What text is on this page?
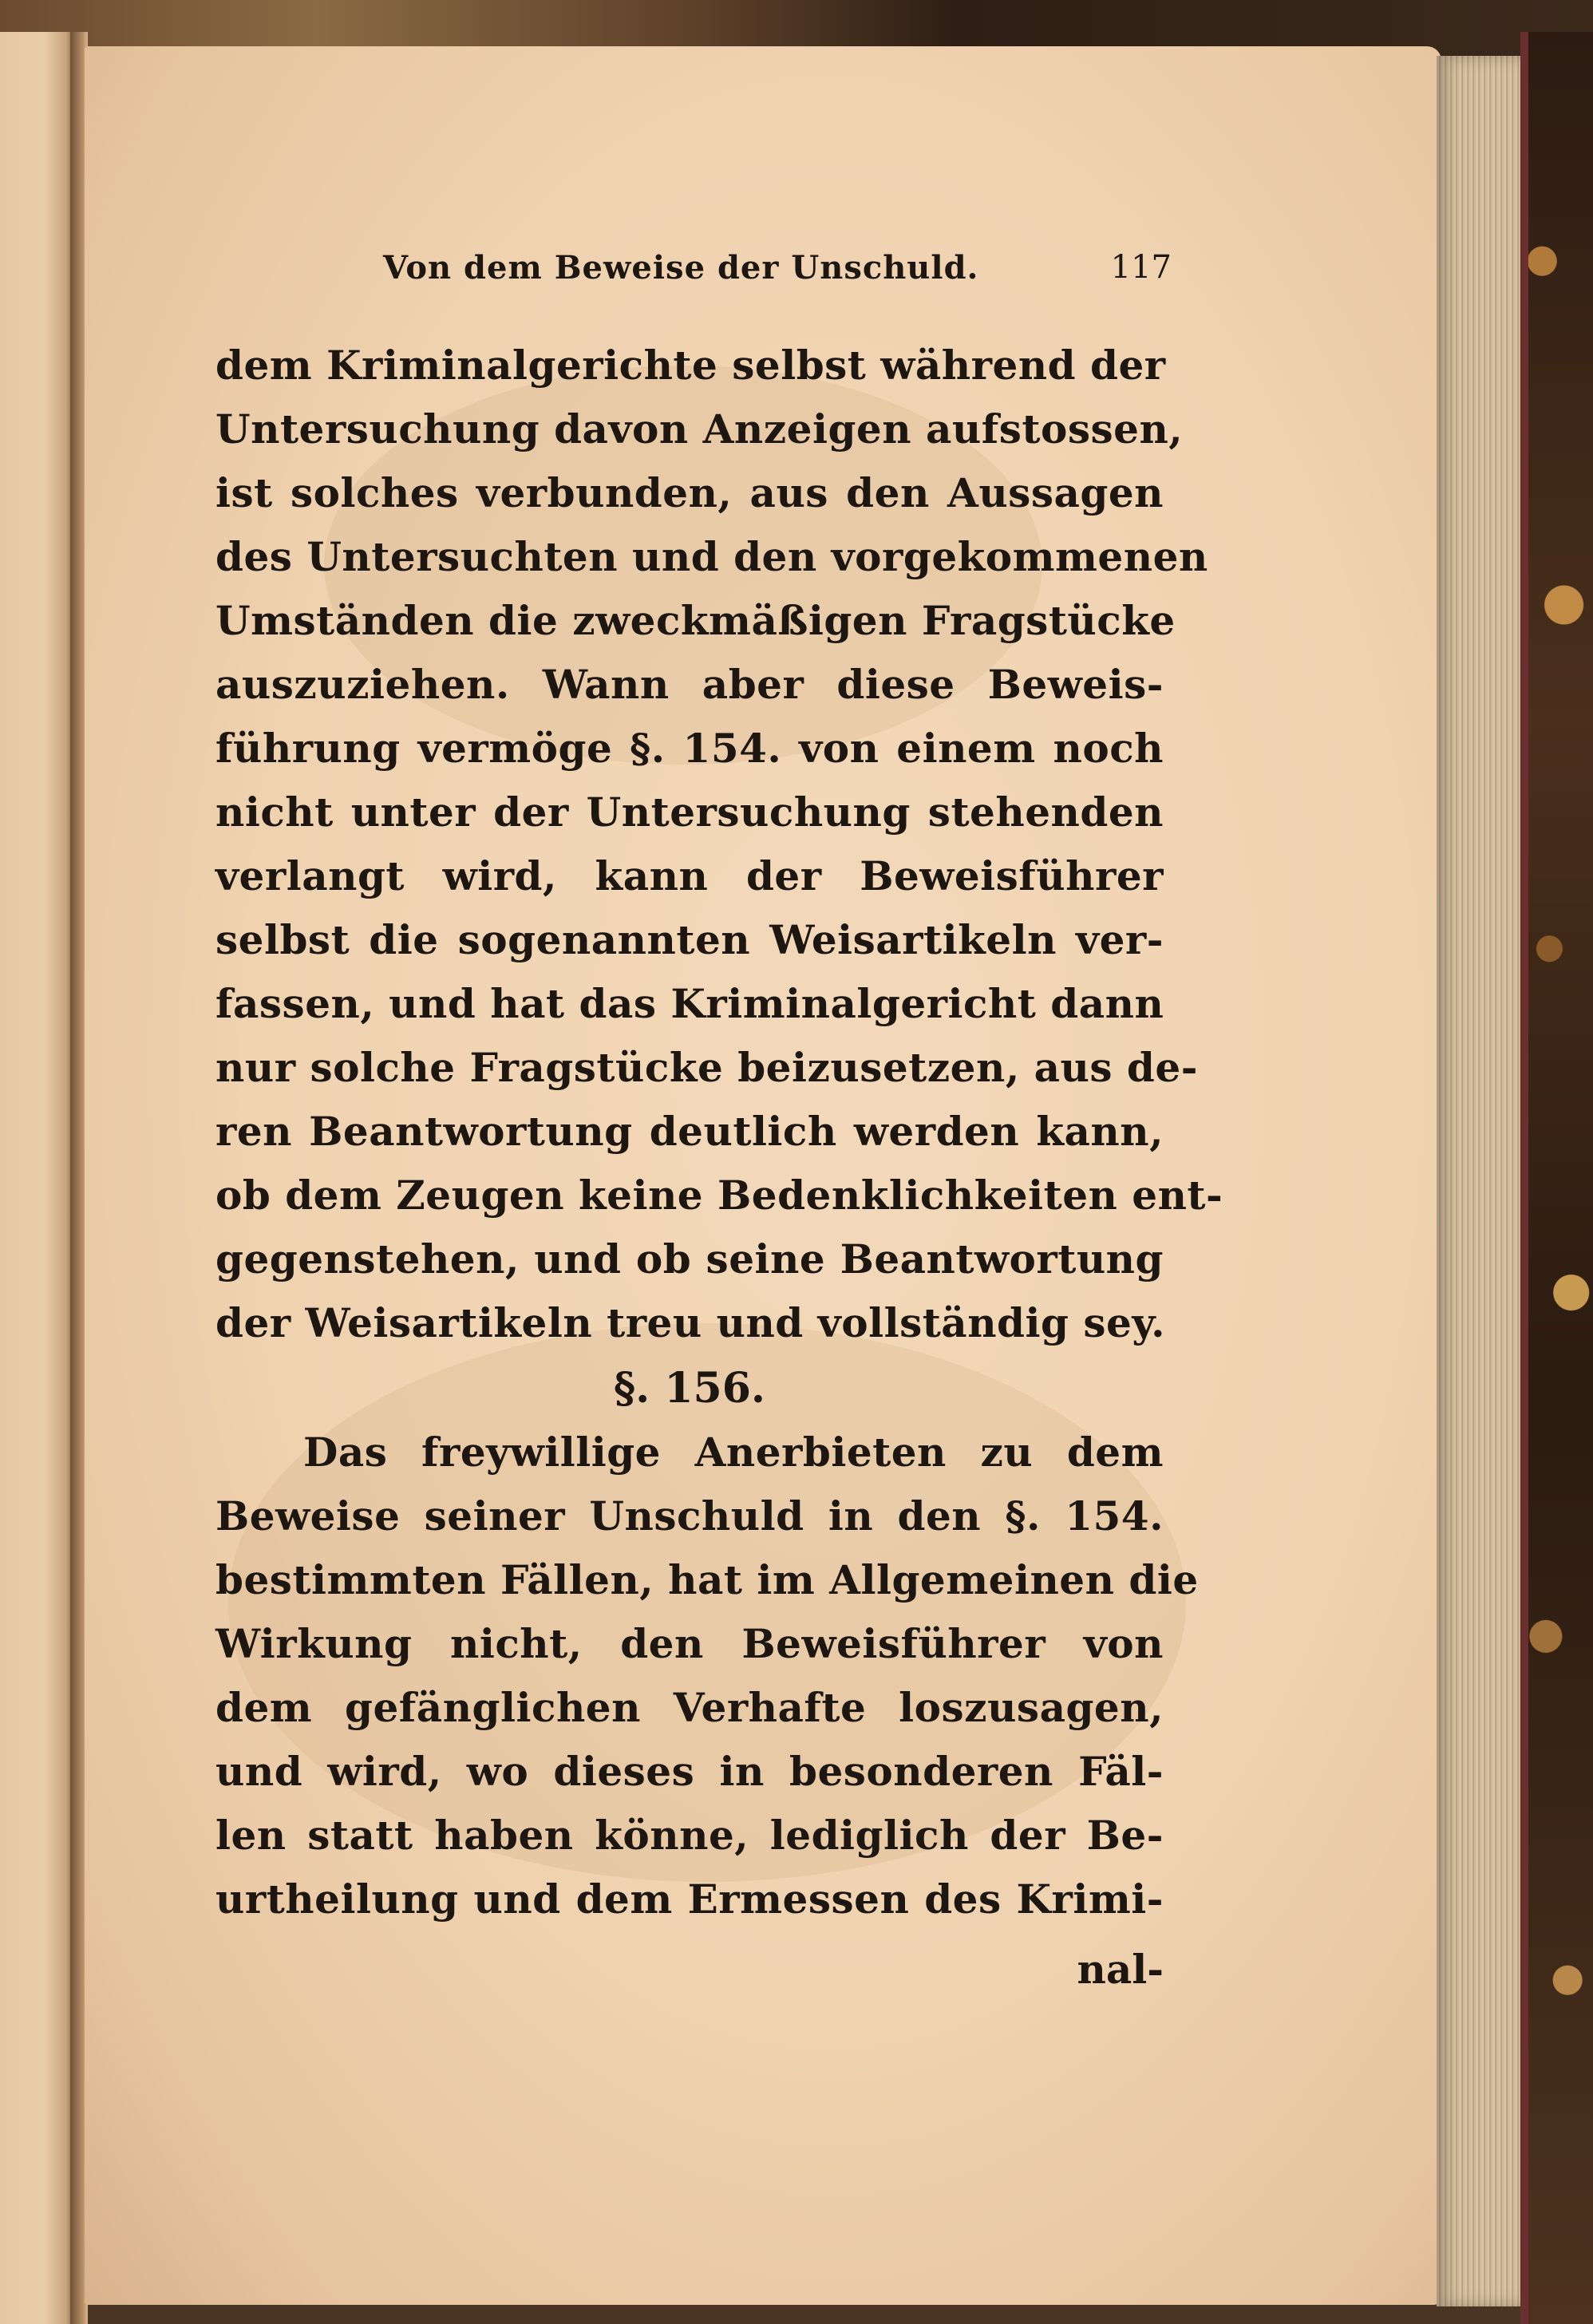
Von dem Beweise der Unschuld.	117
dem Kriminalgerichte selbst während der
Untersuchung davon Anzeigen aufstossen,
ist solches verbunden, aus den Aussagen
des Untersuchten und den vorgekommenen
Umständen die zweckmäßigen Fragstücke
auszuziehen. Wann aber diese Beweis-
führung vermöge §. 154. von einem noch
nicht unter der Untersuchung stehenden
verlangt wird, kann der Beweisführer
selbst die sogenannten Weisartikeln ver-
fassen, und hat das Kriminalgericht dann
nur solche Fragstücke beizusetzen, aus de-
ren Beantwortung deutlich werden kann,
ob dem Zeugen keine Bedenklichkeiten ent-
gegenstehen, und ob seine Beantwortung
der Weisartikeln treu und vollständig sey.
§. 156.
Das freywillige Anerbieten zu dem
Beweise seiner Unschuld in den §. 154.
bestimmten Fällen, hat im Allgemeinen die
Wirkung nicht, den Beweisführer von
dem gefänglichen Verhafte loszusagen,
und wird, wo dieses in besonderen Fäl-
len statt haben könne, lediglich der Be-
urtheilung und dem Ermessen des Krimi-
nal-
